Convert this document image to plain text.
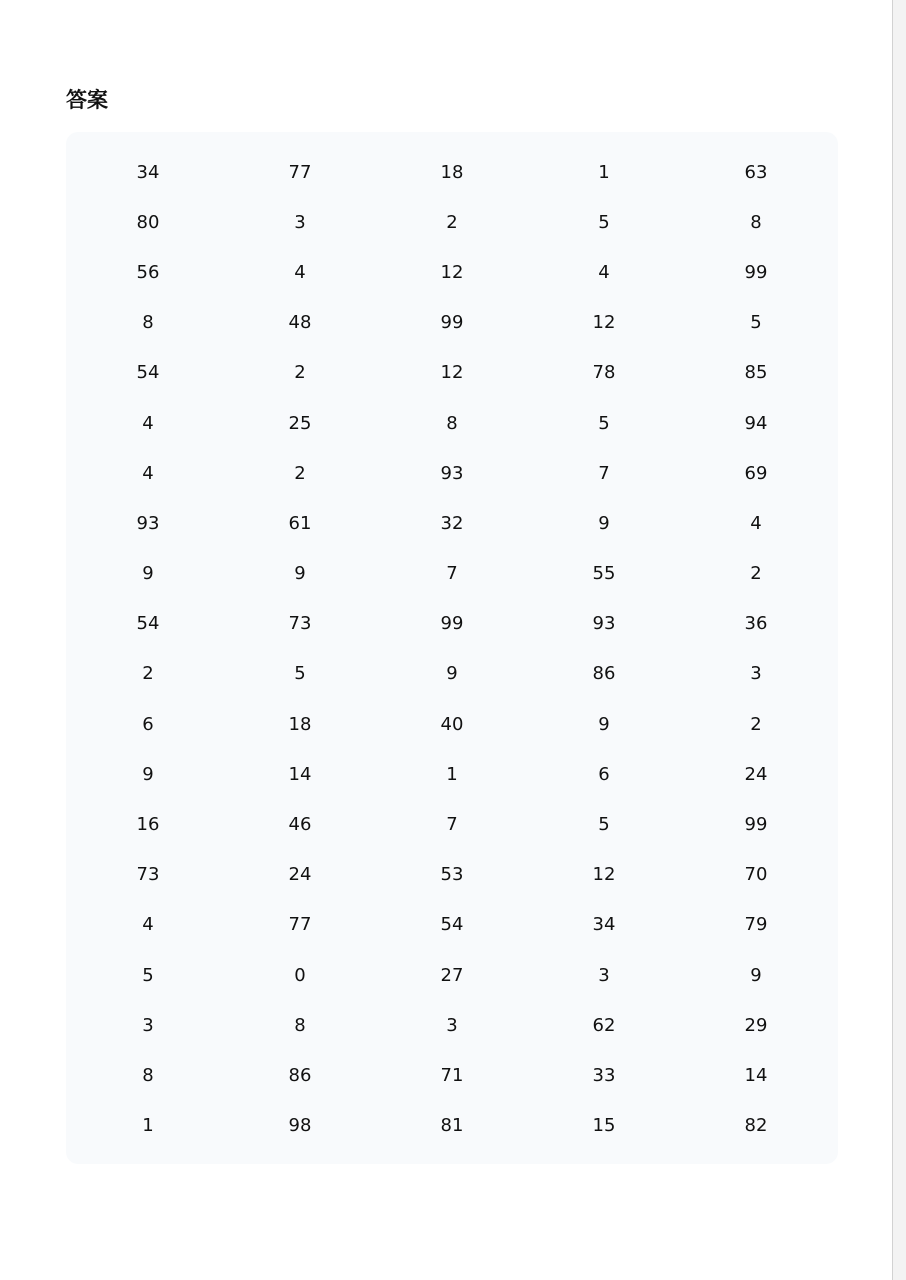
答案
34	77	18	1	63
80	3	2	5	8
56	4	12	4	99
8	48	99	12	5
54	2	12	78	85
4	25	8	5	94
4	2	93	7	69
93	61	32	9	4
9	9	7	55	2
54	73	99	93	36
2	5	9	86	3
6	18	40	9	2
9	14	1	6	24
16	46	7	5	99
73	24	53	12	70
4	77	54	34	79
5	0	27	3	9
3	8	3	62	29
8	86	71	33	14
1	98	81	15	82
